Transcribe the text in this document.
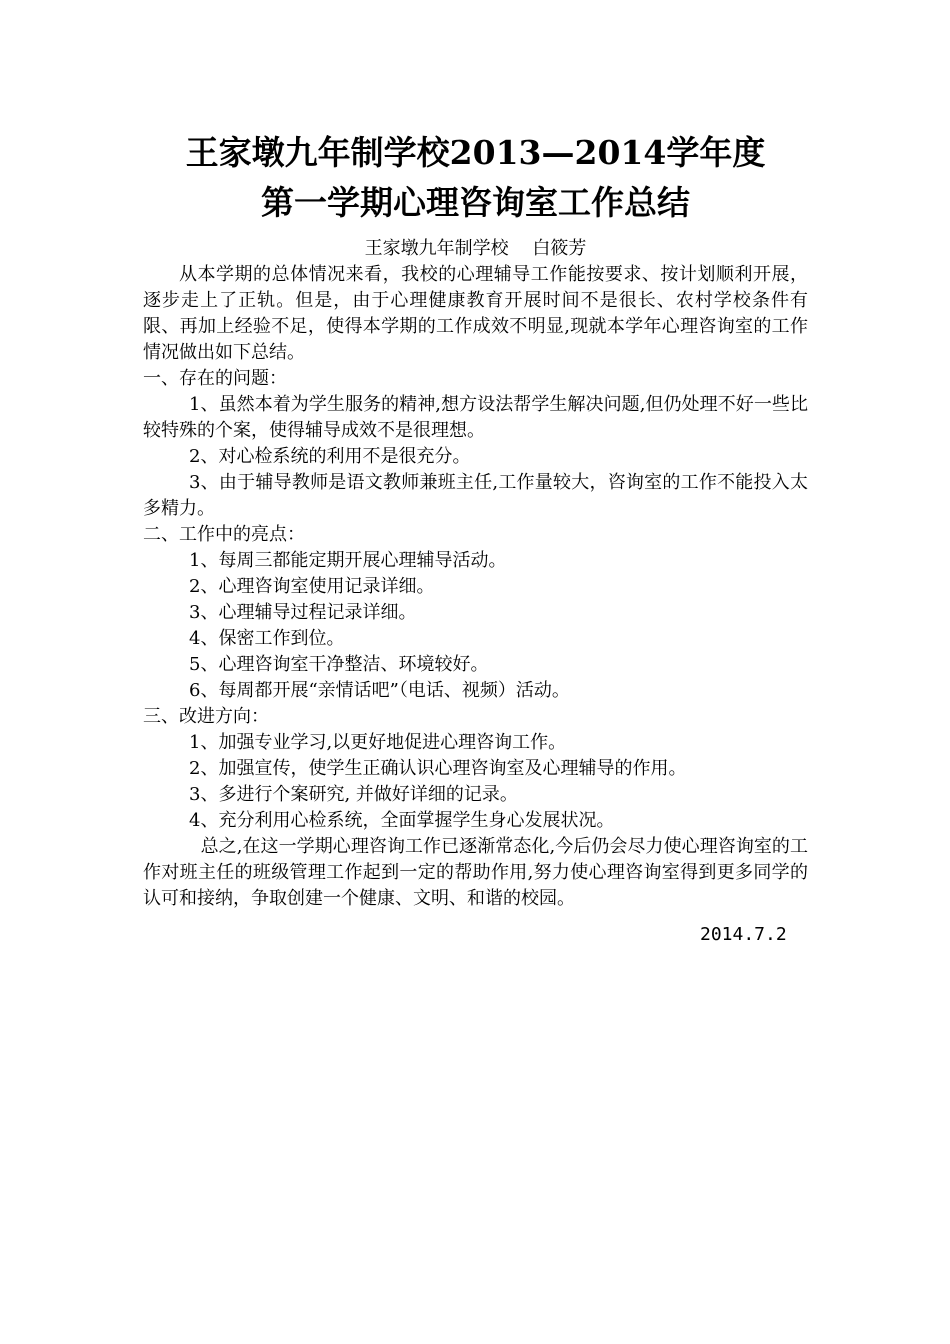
王家墩九年制学校2013—2014学年度
第一学期心理咨询室工作总结

王家墩九年制学校　 白筱芳

从本学期的总体情况来看，我校的心理辅导工作能按要求、按计划顺利开展，逐步走上了正轨。但是，由于心理健康教育开展时间不是很长、农村学校条件有限、再加上经验不足，使得本学期的工作成效不明显,现就本学年心理咨询室的工作情况做出如下总结。

一、存在的问题：

1、虽然本着为学生服务的精神,想方设法帮学生解决问题,但仍处理不好一些比较特殊的个案，使得辅导成效不是很理想。

2、对心检系统的利用不是很充分。

3、由于辅导教师是语文教师兼班主任,工作量较大，咨询室的工作不能投入太多精力。

二、工作中的亮点：

1、每周三都能定期开展心理辅导活动。

2、心理咨询室使用记录详细。

3、心理辅导过程记录详细。

4、保密工作到位。

5、心理咨询室干净整洁、环境较好。

6、每周都开展“亲情话吧”（电话、视频）活动。

三、改进方向：

1、加强专业学习,以更好地促进心理咨询工作。

2、加强宣传，使学生正确认识心理咨询室及心理辅导的作用。

3、多进行个案研究, 并做好详细的记录。

4、充分利用心检系统，全面掌握学生身心发展状况。

总之,在这一学期心理咨询工作已逐渐常态化,今后仍会尽力使心理咨询室的工作对班主任的班级管理工作起到一定的帮助作用,努力使心理咨询室得到更多同学的认可和接纳，争取创建一个健康、文明、和谐的校园。

2014.7.2
